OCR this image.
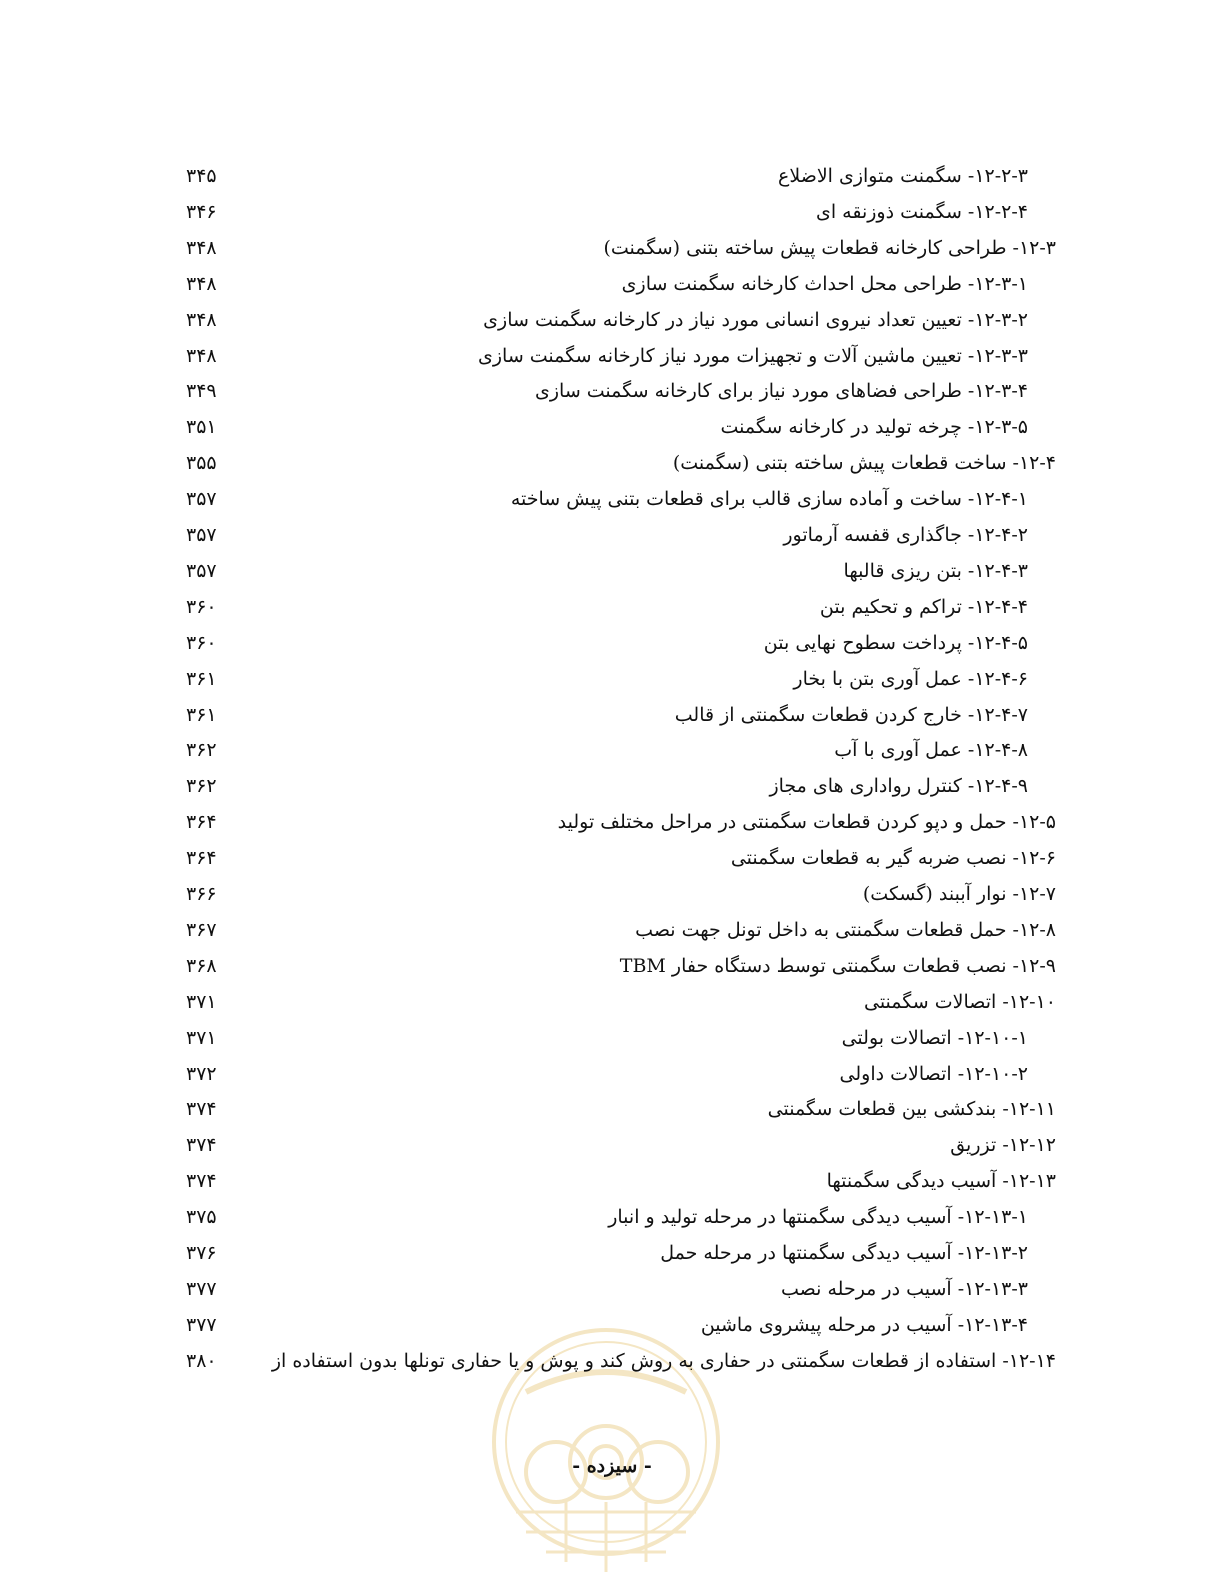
۱۲-۲-۳- سگمنت متوازی الاضلاع
۳۴۵
۱۲-۲-۴- سگمنت ذوزنقه ای
۳۴۶
۱۲-۳- طراحی کارخانه قطعات پیش ساخته بتنی (سگمنت)
۳۴۸
۱۲-۳-۱- طراحی محل احداث کارخانه سگمنت سازی
۳۴۸
۱۲-۳-۲- تعیین تعداد نیروی انسانی مورد نیاز در کارخانه سگمنت سازی
۳۴۸
۱۲-۳-۳- تعیین ماشین آلات و تجهیزات مورد نیاز کارخانه سگمنت سازی
۳۴۸
۱۲-۳-۴- طراحی فضاهای مورد نیاز برای کارخانه سگمنت سازی
۳۴۹
۱۲-۳-۵- چرخه تولید در کارخانه سگمنت
۳۵۱
۱۲-۴- ساخت قطعات پیش ساخته بتنی (سگمنت)
۳۵۵
۱۲-۴-۱- ساخت و آماده سازی قالب برای قطعات بتنی پیش ساخته
۳۵۷
۱۲-۴-۲- جاگذاری قفسه آرماتور
۳۵۷
۱۲-۴-۳- بتن ریزی قالبها
۳۵۷
۱۲-۴-۴- تراکم و تحکیم بتن
۳۶۰
۱۲-۴-۵- پرداخت سطوح نهایی بتن
۳۶۰
۱۲-۴-۶- عمل آوری بتن با بخار
۳۶۱
۱۲-۴-۷- خارج کردن قطعات سگمنتی از قالب
۳۶۱
۱۲-۴-۸- عمل آوری با آب
۳۶۲
۱۲-۴-۹- کنترل رواداری های مجاز
۳۶۲
۱۲-۵- حمل و دپو کردن قطعات سگمنتی در مراحل مختلف تولید
۳۶۴
۱۲-۶- نصب ضربه گیر به قطعات سگمنتی
۳۶۴
۱۲-۷- نوار آببند (گسکت)
۳۶۶
۱۲-۸- حمل قطعات سگمنتی به داخل تونل جهت نصب
۳۶۷
۱۲-۹- نصب قطعات سگمنتی توسط دستگاه حفار TBM
۳۶۸
۱۲-۱۰- اتصالات سگمنتی
۳۷۱
۱۲-۱۰-۱- اتصالات بولتی
۳۷۱
۱۲-۱۰-۲- اتصالات داولی
۳۷۲
۱۲-۱۱- بندکشی بین قطعات سگمنتی
۳۷۴
۱۲-۱۲- تزریق
۳۷۴
۱۲-۱۳- آسیب دیدگی سگمنتها
۳۷۴
۱۲-۱۳-۱- آسیب دیدگی سگمنتها در مرحله تولید و انبار
۳۷۵
۱۲-۱۳-۲- آسیب دیدگی سگمنتها در مرحله حمل
۳۷۶
۱۲-۱۳-۳- آسیب در مرحله نصب
۳۷۷
۱۲-۱۳-۴- آسیب در مرحله پیشروی ماشین
۳۷۷
۱۲-۱۴- استفاده از قطعات سگمنتی در حفاری به روش کند و پوش و یا حفاری تونلها بدون استفاده از
۳۸۰
- سیزده -
